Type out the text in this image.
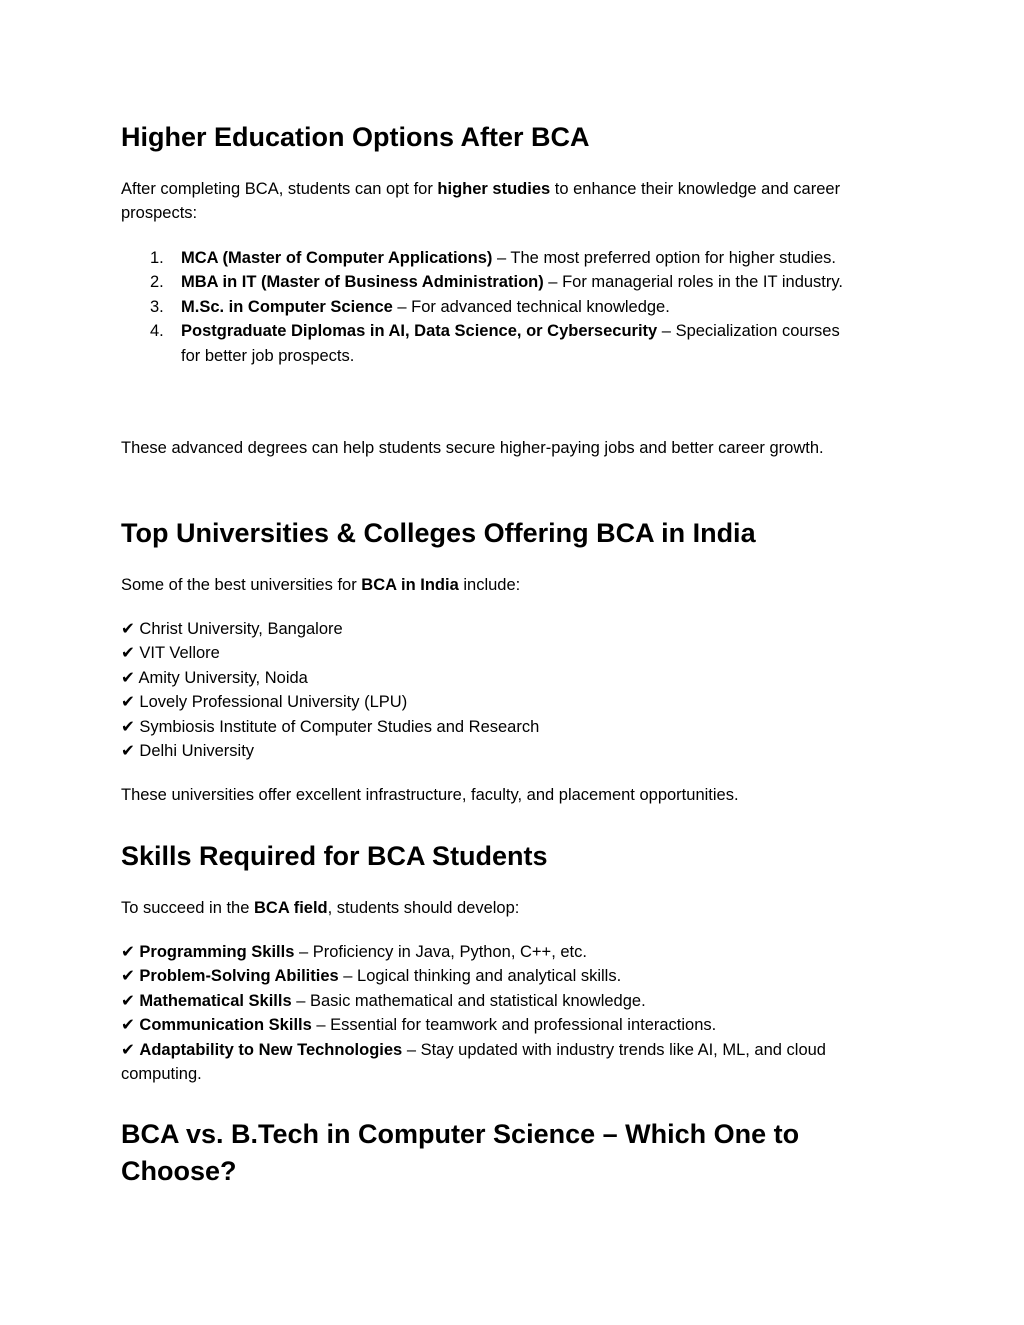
Higher Education Options After BCA

After completing BCA, students can opt for higher studies to enhance their knowledge and career prospects:

1. MCA (Master of Computer Applications) – The most preferred option for higher studies.
2. MBA in IT (Master of Business Administration) – For managerial roles in the IT industry.
3. M.Sc. in Computer Science – For advanced technical knowledge.
4. Postgraduate Diplomas in AI, Data Science, or Cybersecurity – Specialization courses for better job prospects.

These advanced degrees can help students secure higher-paying jobs and better career growth.

Top Universities & Colleges Offering BCA in India

Some of the best universities for BCA in India include:

✔ Christ University, Bangalore
✔ VIT Vellore
✔ Amity University, Noida
✔ Lovely Professional University (LPU)
✔ Symbiosis Institute of Computer Studies and Research
✔ Delhi University

These universities offer excellent infrastructure, faculty, and placement opportunities.

Skills Required for BCA Students

To succeed in the BCA field, students should develop:

✔ Programming Skills – Proficiency in Java, Python, C++, etc.
✔ Problem-Solving Abilities – Logical thinking and analytical skills.
✔ Mathematical Skills – Basic mathematical and statistical knowledge.
✔ Communication Skills – Essential for teamwork and professional interactions.
✔ Adaptability to New Technologies – Stay updated with industry trends like AI, ML, and cloud computing.
BCA vs. B.Tech in Computer Science – Which One to Choose?
